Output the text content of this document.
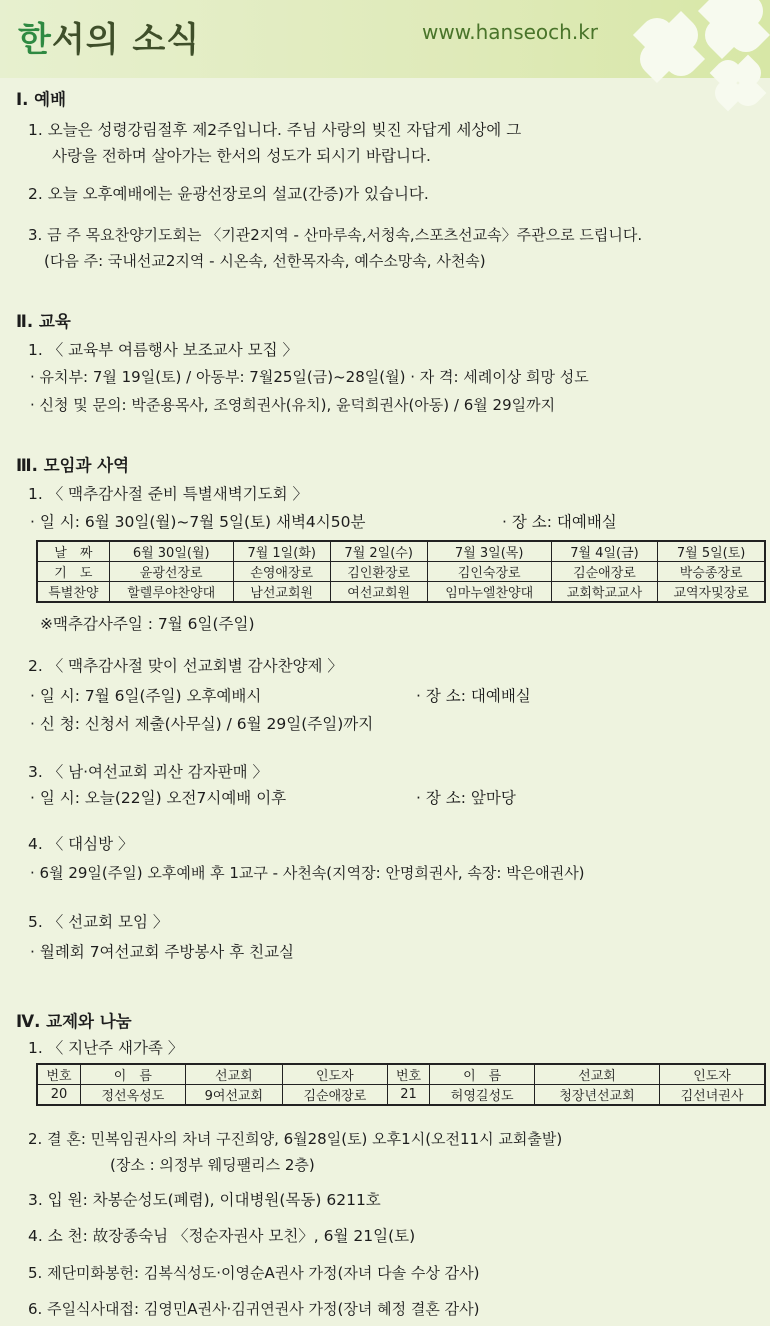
한서의 소식	www.hanseoch.kr
Ⅰ. 예배
1. 오늘은 성령강림절후 제2주입니다. 주님 사랑의 빚진 자답게 세상에 그
사랑을 전하며 살아가는 한서의 성도가 되시기 바랍니다.
2. 오늘 오후예배에는 윤광선장로의 설교(간증)가 있습니다.
3. 금 주 목요찬양기도회는 〈기관2지역 - 산마루속,서청속,스포츠선교속〉주관으로 드립니다.
(다음 주: 국내선교2지역 - 시온속, 선한목자속, 예수소망속, 사천속)
Ⅱ. 교육
1. 〈 교육부 여름행사 보조교사 모집 〉
· 유치부: 7월 19일(토) / 아동부: 7월25일(금)~28일(월) · 자 격: 세례이상 희망 성도
· 신청 및 문의: 박준용목사, 조영희권사(유치), 윤덕희권사(아동) / 6월 29일까지
Ⅲ. 모임과 사역
1. 〈 맥추감사절 준비 특별새벽기도회 〉
· 일 시: 6월 30일(월)~7월 5일(토) 새벽4시50분	· 장 소: 대예배실
날　짜	6월 30일(월)	7월 1일(화)	7월 2일(수)	7월 3일(목)	7월 4일(금)	7월 5일(토)
기　도	윤광선장로	손영애장로	김인환장로	김인숙장로	김순애장로	박승종장로
특별찬양	할렐루야찬양대	남선교회원	여선교회원	임마누엘찬양대	교회학교교사	교역자및장로
※맥추감사주일 : 7월 6일(주일)
2. 〈 맥추감사절 맞이 선교회별 감사찬양제 〉
· 일 시: 7월 6일(주일) 오후예배시	· 장 소: 대예배실
· 신 청: 신청서 제출(사무실) / 6월 29일(주일)까지
3. 〈 남·여선교회 괴산 감자판매 〉
· 일 시: 오늘(22일) 오전7시예배 이후	· 장 소: 앞마당
4. 〈 대심방 〉
· 6월 29일(주일) 오후예배 후 1교구 - 사천속(지역장: 안명희권사, 속장: 박은애권사)
5. 〈 선교회 모임 〉
· 월례회 7여선교회 주방봉사 후 친교실
Ⅳ. 교제와 나눔
1. 〈 지난주 새가족 〉
번호	이　름	선교회	인도자	번호	이　름	선교회	인도자
20	정선옥성도	9여선교회	김순애장로	21	허영길성도	청장년선교회	김선녀권사
2. 결 혼: 민복임권사의 차녀 구진희양, 6월28일(토) 오후1시(오전11시 교회출발)
(장소 : 의정부 웨딩팰리스 2층)
3. 입 원: 차봉순성도(폐렴), 이대병원(목동) 6211호
4. 소 천: 故장종숙님 〈정순자권사 모친〉, 6월 21일(토)
5. 제단미화봉헌: 김복식성도·이영순A권사 가정(자녀 다솔 수상 감사)
6. 주일식사대접: 김영민A권사·김귀연권사 가정(장녀 혜정 결혼 감사)
